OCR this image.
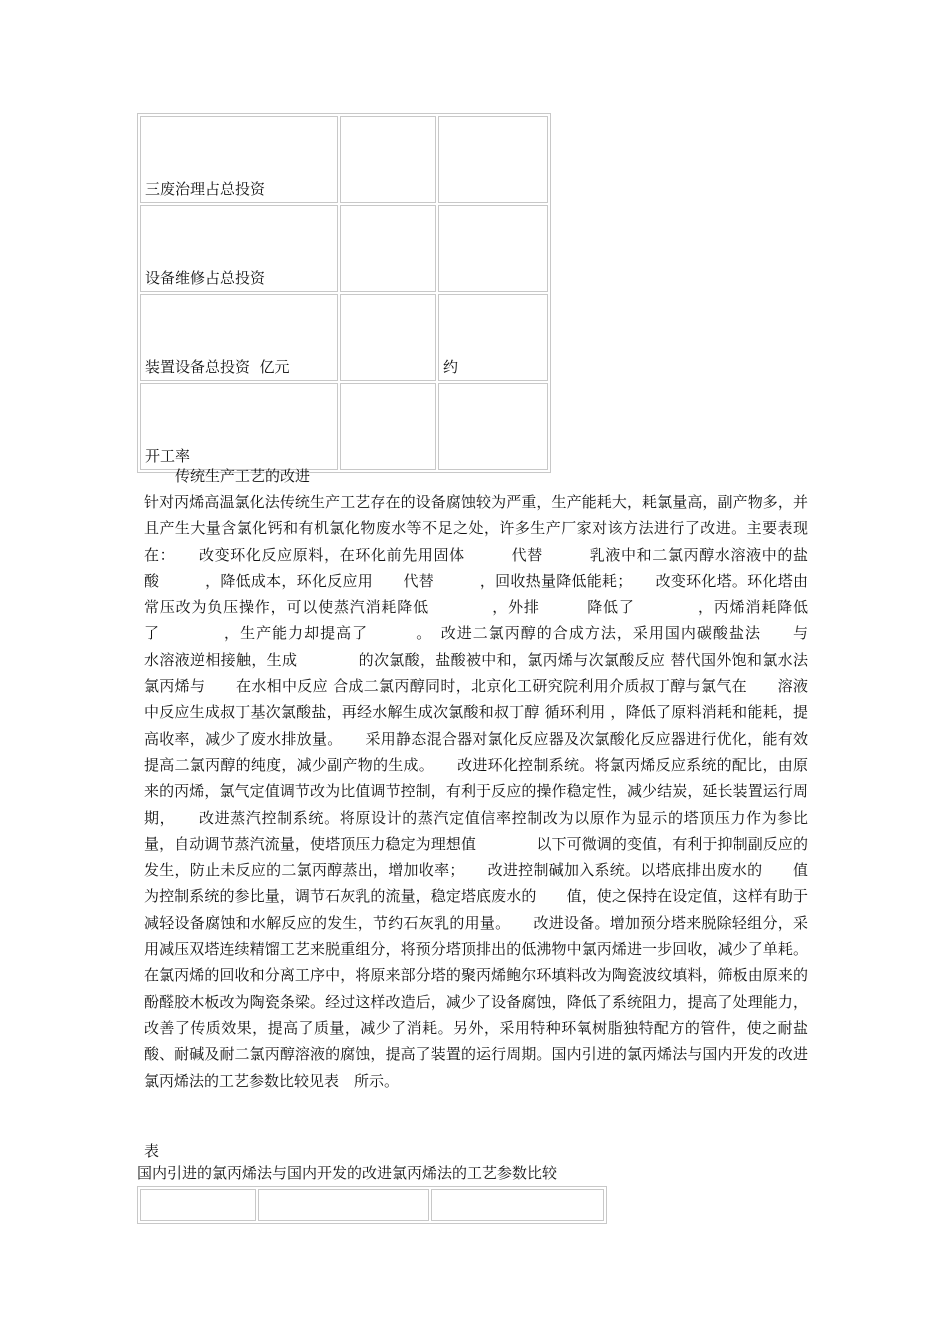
三废治理占总投资		
设备维修占总投资		
装置设备总投资  亿元		约
开工率		
传统生产工艺的改进
针对丙烯高温氯化法传统生产工艺存在的设备腐蚀较为严重，生产能耗大，耗氯量高，副产物多，并且产生大量含氯化钙和有机氯化物废水等不足之处，许多生产厂家对该方法进行了改进。主要表现在：　　改变环化反应原料，在环化前先用固体　　　代替　　　乳液中和二氯丙醇水溶液中的盐酸　　　，降低成本，环化反应用　　代替　　　，回收热量降低能耗；　　改变环化塔。环化塔由常压改为负压操作，可以使蒸汽消耗降低　　　　，外排　　　降低了　　　　，丙烯消耗降低了　　　　，生产能力却提高了　　　。　改进二氯丙醇的合成方法，采用国内碳酸盐法　　与　　　水溶液逆相接触，生成　　　　的次氯酸，盐酸被中和，氯丙烯与次氯酸反应 替代国外饱和氯水法 氯丙烯与　　在水相中反应 合成二氯丙醇同时，北京化工研究院利用介质叔丁醇与氯气在　　溶液中反应生成叔丁基次氯酸盐，再经水解生成次氯酸和叔丁醇 循环利用 ，降低了原料消耗和能耗，提高收率，减少了废水排放量。　　采用静态混合器对氯化反应器及次氯酸化反应器进行优化，能有效提高二氯丙醇的纯度，减少副产物的生成。　　改进环化控制系统。将氯丙烯反应系统的配比，由原来的丙烯，氯气定值调节改为比值调节控制，有利于反应的操作稳定性，减少结炭，延长装置运行周期，　　改进蒸汽控制系统。将原设计的蒸汽定值信率控制改为以原作为显示的塔顶压力作为参比量，自动调节蒸汽流量，使塔顶压力稳定为理想值　　　　以下可微调的变值，有利于抑制副反应的发生，防止未反应的二氯丙醇蒸出，增加收率；　　改进控制碱加入系统。以塔底排出废水的　　值为控制系统的参比量，调节石灰乳的流量，稳定塔底废水的　　值，使之保持在设定值，这样有助于减轻设备腐蚀和水解反应的发生，节约石灰乳的用量。　　改进设备。增加预分塔来脱除轻组分，采用减压双塔连续精馏工艺来脱重组分，将预分塔顶排出的低沸物中氯丙烯进一步回收，减少了单耗。在氯丙烯的回收和分离工序中，将原来部分塔的聚丙烯鲍尔环填料改为陶瓷波纹填料，筛板由原来的酚醛胶木板改为陶瓷条梁。经过这样改造后，减少了设备腐蚀，降低了系统阻力，提高了处理能力，改善了传质效果，提高了质量，减少了消耗。另外，采用特种环氧树脂独特配方的管件，使之耐盐酸、耐碱及耐二氯丙醇溶液的腐蚀，提高了装置的运行周期。国内引进的氯丙烯法与国内开发的改进氯丙烯法的工艺参数比较见表　所示。
表
国内引进的氯丙烯法与国内开发的改进氯丙烯法的工艺参数比较
